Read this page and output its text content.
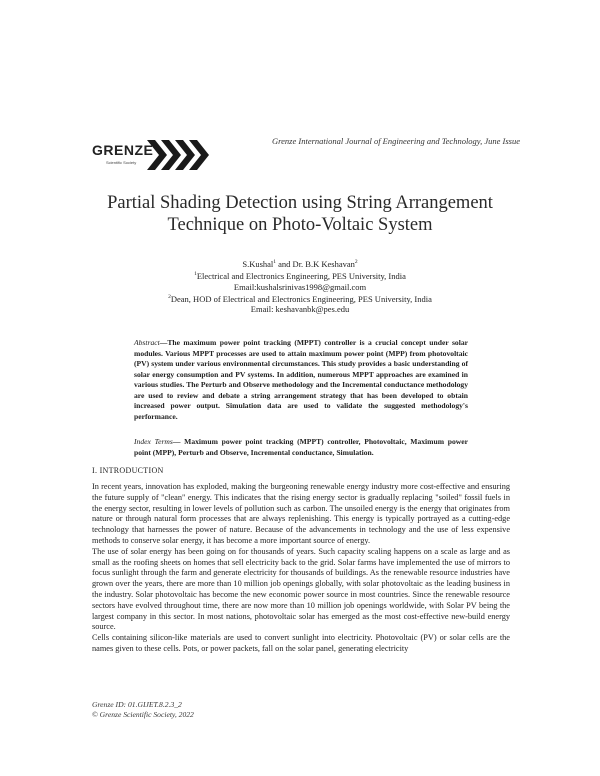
GRENZE
Scientific Society
Grenze International Journal of Engineering and Technology, June Issue
Partial Shading Detection using String Arrangement
Technique on Photo-Voltaic System
S.Kushal$^1$ and Dr. B.K Keshavan$^2$
$^1$Electrical and Electronics Engineering, PES University, India
Email:kushalsrinivas1998@gmail.com
$^2$Dean, HOD of Electrical and Electronics Engineering, PES University, India
Email: keshavanbk@pes.edu
Abstract—The maximum power point tracking (MPPT) controller is a crucial concept under solar modules. Various MPPT processes are used to attain maximum power point (MPP) from photovoltaic (PV) system under various environmental circumstances. This study provides a basic understanding of solar energy consumption and PV systems. In addition, numerous MPPT approaches are examined in various studies. The Perturb and Observe methodology and the Incremental conductance methodology are used to review and debate a string arrangement strategy that has been developed to obtain increased power output. Simulation data are used to validate the suggested methodology's performance.
Index Terms— Maximum power point tracking (MPPT) controller, Photovoltaic, Maximum power point (MPP), Perturb and Observe, Incremental conductance, Simulation.
I. INTRODUCTION

In recent years, innovation has exploded, making the burgeoning renewable energy industry more cost-effective and ensuring the future supply of "clean" energy. This indicates that the rising energy sector is gradually replacing "soiled" fossil fuels in the energy sector, resulting in lower levels of pollution such as carbon. The unsoiled energy is the energy that originates from nature or through natural form processes that are always replenishing. This energy is typically portrayed as a cutting-edge technology that harnesses the power of nature. Because of the advancements in technology and the use of less expensive methods to conserve solar energy, it has become a more important source of energy.

The use of solar energy has been going on for thousands of years. Such capacity scaling happens on a scale as large and as small as the roofing sheets on homes that sell electricity back to the grid. Solar farms have implemented the use of mirrors to focus sunlight through the farm and generate electricity for thousands of buildings. As the renewable resource industries have grown over the years, there are more than 10 million job openings globally, with solar photovoltaic as the leading business in the industry. Solar photovoltaic has become the new economic power source in most countries. Since the renewable resource sectors have evolved throughout time, there are now more than 10 million job openings worldwide, with Solar PV being the largest company in this sector. In most nations, photovoltaic solar has emerged as the most cost-effective new-build energy source.

Cells containing silicon-like materials are used to convert sunlight into electricity. Photovoltaic (PV) or solar cells are the names given to these cells. Pots, or power packets, fall on the solar panel, generating electricity

Grenze ID: 01.GIJET.8.2.3_2
© Grenze Scientific Society, 2022
